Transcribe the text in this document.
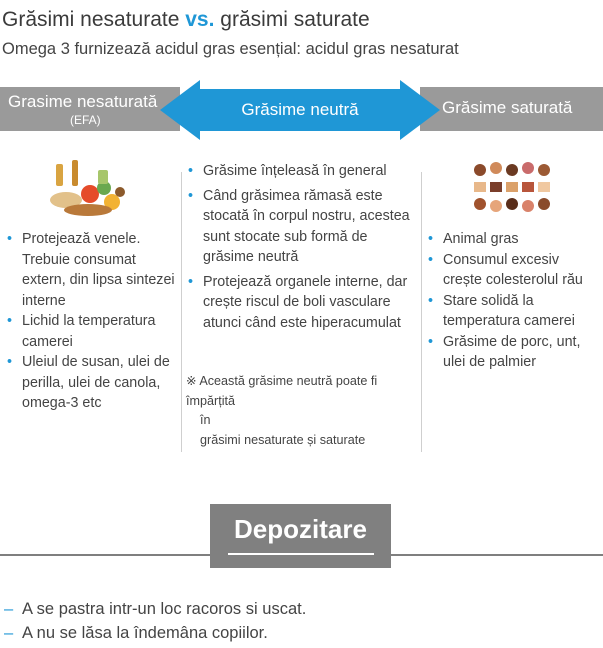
Grăsimi nesaturate vs. grăsimi saturate
Omega 3 furnizează acidul gras esențial: acidul gras nesaturat
Grasime nesaturată
(EFA)
Grăsime saturată
Grăsime neutră
• Protejează venele. Trebuie consumat extern, din lipsa sintezei interne
• Lichid la temperatura camerei
• Uleiul de susan, ulei de perilla, ulei de canola, omega-3 etc
• Grăsime înțeleasă în general
• Când grăsimea rămasă este stocată în corpul nostru, acestea sunt stocate sub formă de grăsime neutră
• Protejează organele interne, dar crește riscul de boli vasculare atunci când este hiperacumulat
※ Această grăsime neutră poate fi împărțită
în
grăsimi nesaturate și saturate
• Animal gras
• Consumul excesiv crește colesterolul rău
• Stare solidă la temperatura camerei
• Grăsime de porc, unt, ulei de palmier
Depozitare
– A se pastra intr-un loc racoros si uscat.
– A nu se lăsa la îndemâna copiilor.
